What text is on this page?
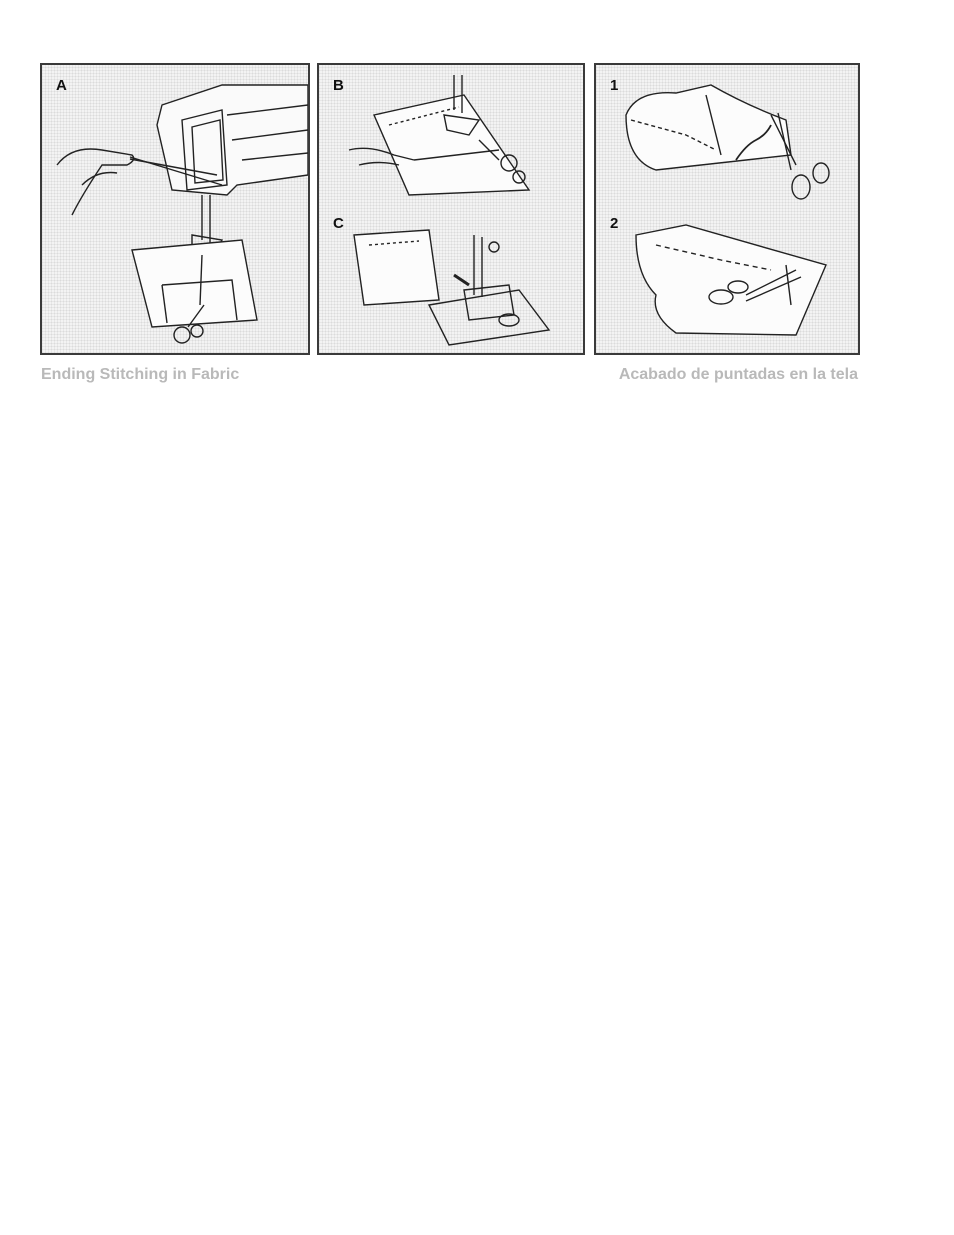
A	B
C
1
2
Ending Stitching in Fabric	Acabado de puntadas en la tela
